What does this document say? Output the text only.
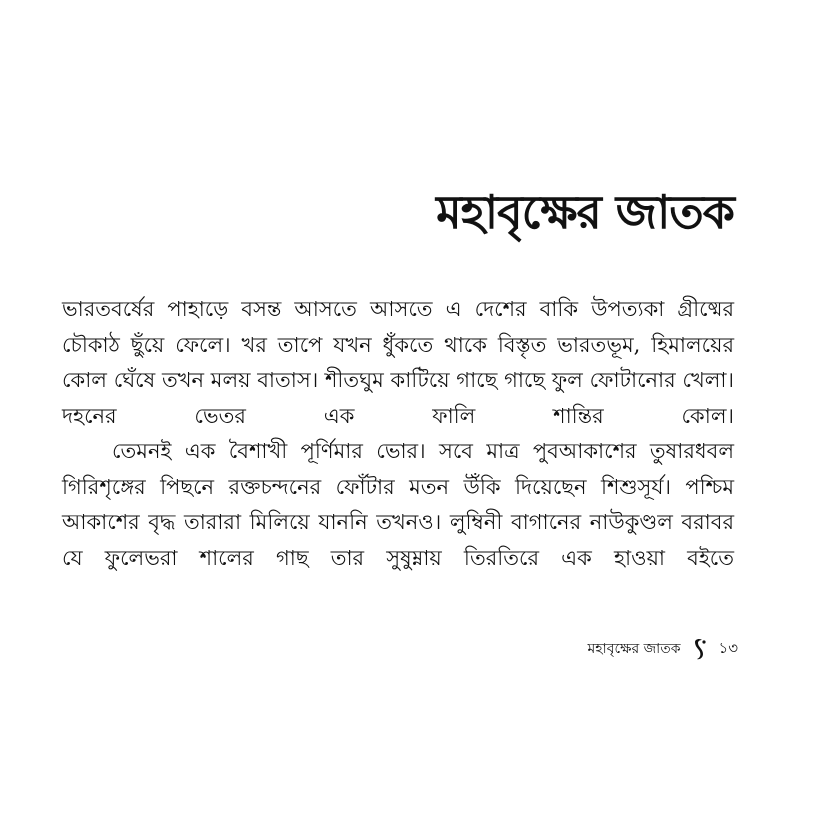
মহাবৃক্ষের জাতক

ভারতবর্ষের পাহাড়ে বসন্ত আসতে আসতে এ দেশের বাকি উপত্যকা গ্রীষ্মের চৌকাঠ ছুঁয়ে ফেলে। খর তাপে যখন ধুঁকতে থাকে বিস্তৃত ভারতভূম, হিমালয়ের কোল ঘেঁষে তখন মলয় বাতাস। শীতঘুম কাটিয়ে গাছে গাছে ফুল ফোটানোর খেলা। দহনের ভেতর এক ফালি শান্তির কোল।

তেমনই এক বৈশাখী পূর্ণিমার ভোর। সবে মাত্র পুবআকাশের তুষারধবল গিরিশৃঙ্গের পিছনে রক্তচন্দনের ফোঁটার মতন উঁকি দিয়েছেন শিশুসূর্য। পশ্চিম আকাশের বৃদ্ধ তারারা মিলিয়ে যাননি তখনও। লুম্বিনী বাগানের নাউকুণ্ডল বরাবর যে ফুলেভরা শালের গাছ তার সুষুম্নায় তিরতিরে এক হাওয়া বইতে

মহাবৃক্ষের জাতক	১৩
